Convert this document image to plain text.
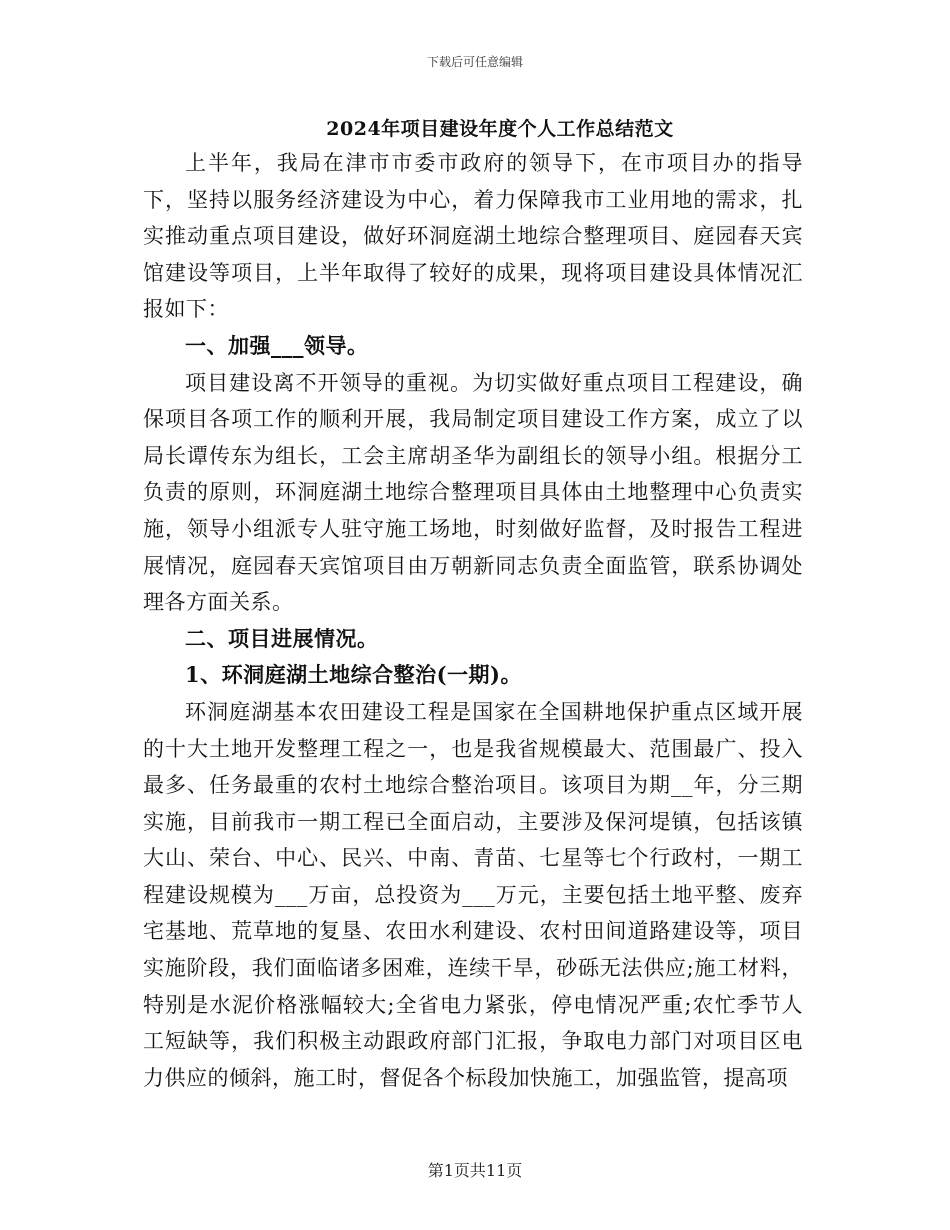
下载后可任意编辑
2024年项目建设年度个人工作总结范文

上半年，我局在津市市委市政府的领导下，在市项目办的指导下，坚持以服务经济建设为中心，着力保障我市工业用地的需求，扎实推动重点项目建设，做好环洞庭湖土地综合整理项目、庭园春天宾馆建设等项目，上半年取得了较好的成果，现将项目建设具体情况汇报如下：

一、加强___领导。

项目建设离不开领导的重视。为切实做好重点项目工程建设，确保项目各项工作的顺利开展，我局制定项目建设工作方案，成立了以局长谭传东为组长，工会主席胡圣华为副组长的领导小组。根据分工负责的原则，环洞庭湖土地综合整理项目具体由土地整理中心负责实施，领导小组派专人驻守施工场地，时刻做好监督，及时报告工程进展情况，庭园春天宾馆项目由万朝新同志负责全面监管，联系协调处理各方面关系。

二、项目进展情况。

1、环洞庭湖土地综合整治(一期)。

环洞庭湖基本农田建设工程是国家在全国耕地保护重点区域开展的十大土地开发整理工程之一，也是我省规模最大、范围最广、投入最多、任务最重的农村土地综合整治项目。该项目为期__年，分三期实施，目前我市一期工程已全面启动，主要涉及保河堤镇，包括该镇大山、荣台、中心、民兴、中南、青苗、七星等七个行政村，一期工程建设规模为___万亩，总投资为___万元，主要包括土地平整、废弃宅基地、荒草地的复垦、农田水利建设、农村田间道路建设等，项目实施阶段，我们面临诸多困难，连续干旱，砂砾无法供应;施工材料，特别是水泥价格涨幅较大;全省电力紧张，停电情况严重;农忙季节人工短缺等，我们积极主动跟政府部门汇报，争取电力部门对项目区电力供应的倾斜，施工时，督促各个标段加快施工，加强监管，提高项

第1页共11页
